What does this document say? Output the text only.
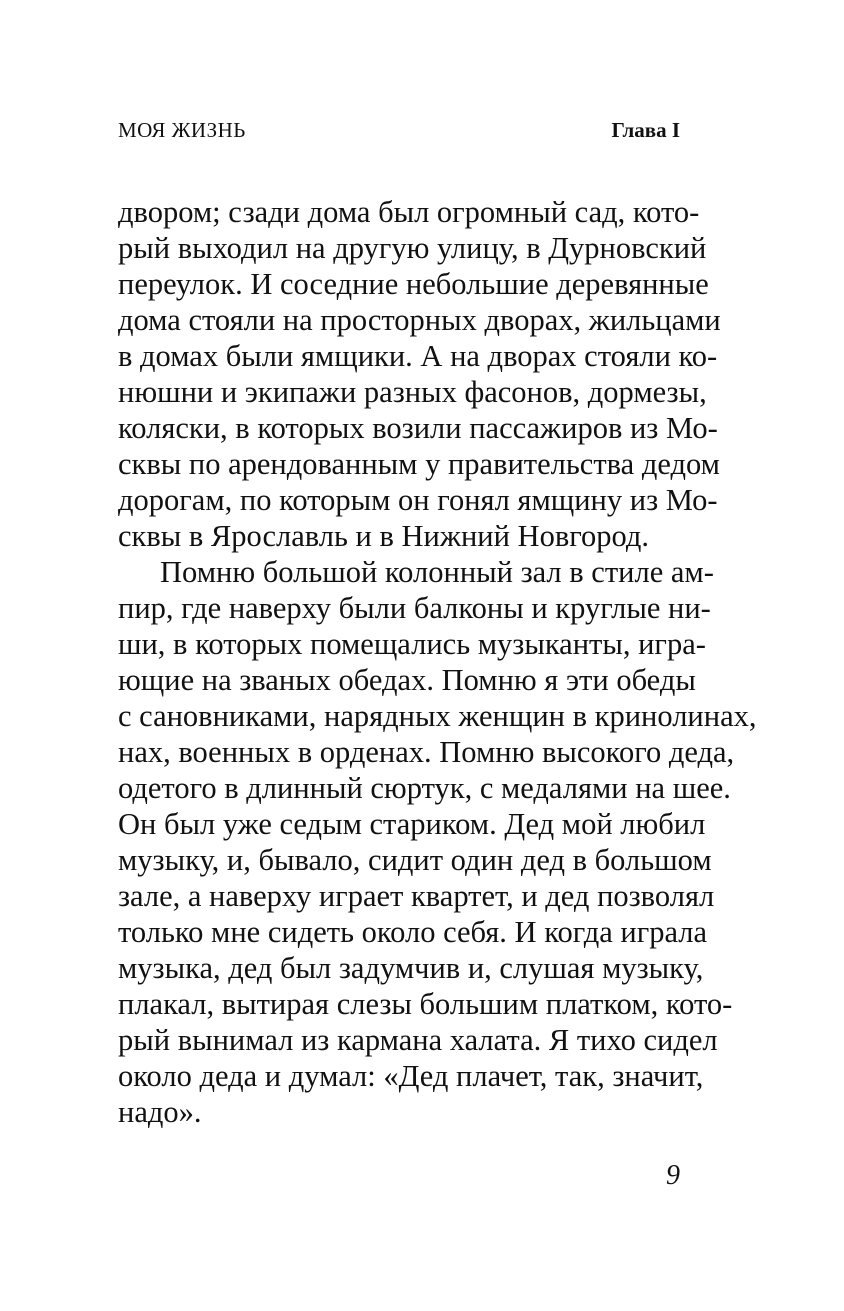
МОЯ ЖИЗНЬ	Глава I
двором; сзади дома был огромный сад, кото-
рый выходил на другую улицу, в Дурновский
переулок. И соседние небольшие деревянные
дома стояли на просторных дворах, жильцами
в домах были ямщики. А на дворах стояли ко-
нюшни и экипажи разных фасонов, дормезы,
коляски, в которых возили пассажиров из Мо-
сквы по арендованным у правительства дедом
дорогам, по которым он гонял ямщину из Мо-
сквы в Ярославль и в Нижний Новгород.
Помню большой колонный зал в стиле ам-
пир, где наверху были балконы и круглые ни-
ши, в которых помещались музыканты, игра-
ющие на званых обедах. Помню я эти обеды
с сановниками, нарядных женщин в кринолинах,
нах, военных в орденах. Помню высокого деда,
одетого в длинный сюртук, с медалями на шее.
Он был уже седым стариком. Дед мой любил
музыку, и, бывало, сидит один дед в большом
зале, а наверху играет квартет, и дед позволял
только мне сидеть около себя. И когда играла
музыка, дед был задумчив и, слушая музыку,
плакал, вытирая слезы большим платком, кото-
рый вынимал из кармана халата. Я тихо сидел
около деда и думал: «Дед плачет, так, значит,
надо».
9
